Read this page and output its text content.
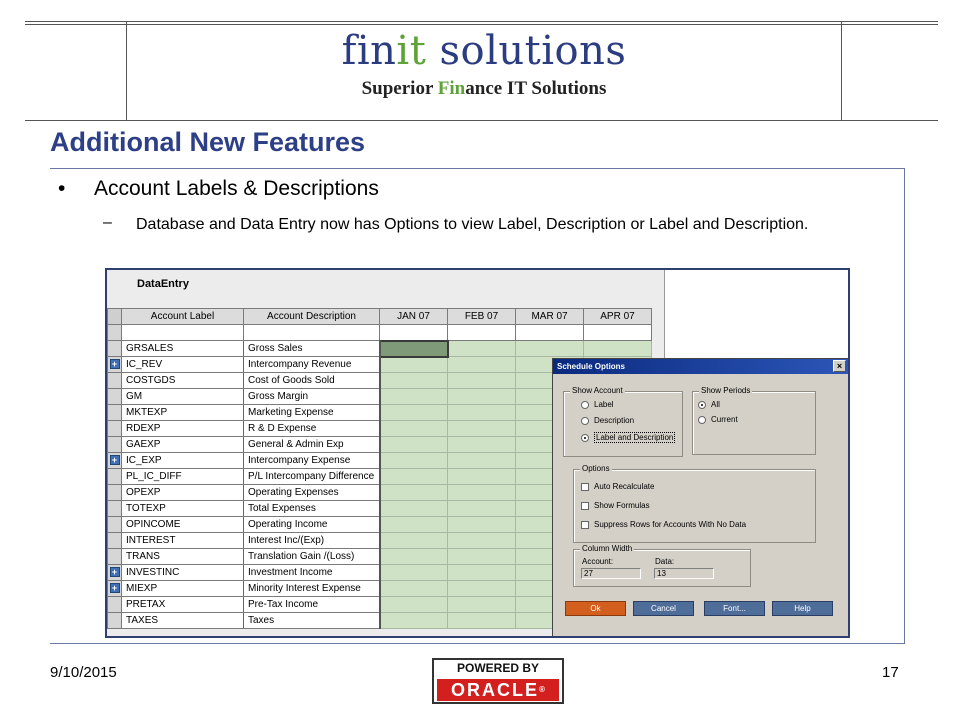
finit solutions
Superior Finance IT Solutions
Additional New Features
• Account Labels & Descriptions
– Database and Data Entry now has Options to view Label, Description or Label and Description.
DataEntry
	Account Label	Account Description	JAN 07	FEB 07	MAR 07	APR 07

	GRSALES	Gross Sales				
+	IC_REV	Intercompany Revenue				
	COSTGDS	Cost of Goods Sold				
	GM	Gross Margin				
	MKTEXP	Marketing Expense				
	RDEXP	R & D Expense				
	GAEXP	General & Admin Exp				
+	IC_EXP	Intercompany Expense				
	PL_IC_DIFF	P/L Intercompany Difference				
	OPEXP	Operating Expenses				
	TOTEXP	Total Expenses				
	OPINCOME	Operating Income				
	INTEREST	Interest Inc/(Exp)				
	TRANS	Translation Gain /(Loss)				
+	INVESTINC	Investment Income				
+	MIEXP	Minority Interest Expense				
	PRETAX	Pre-Tax Income				
	TAXES	Taxes				
Schedule Options	×
Show Account
Label
Description
Label and Description
Show Periods
All
Current
Options
Auto Recalculate
Show Formulas
Suppress Rows for Accounts With No Data
Column Width
Account:
27
Data:
13
Ok	Cancel	Font...	Help
9/10/2015	POWERED BY
ORACLE®
17
